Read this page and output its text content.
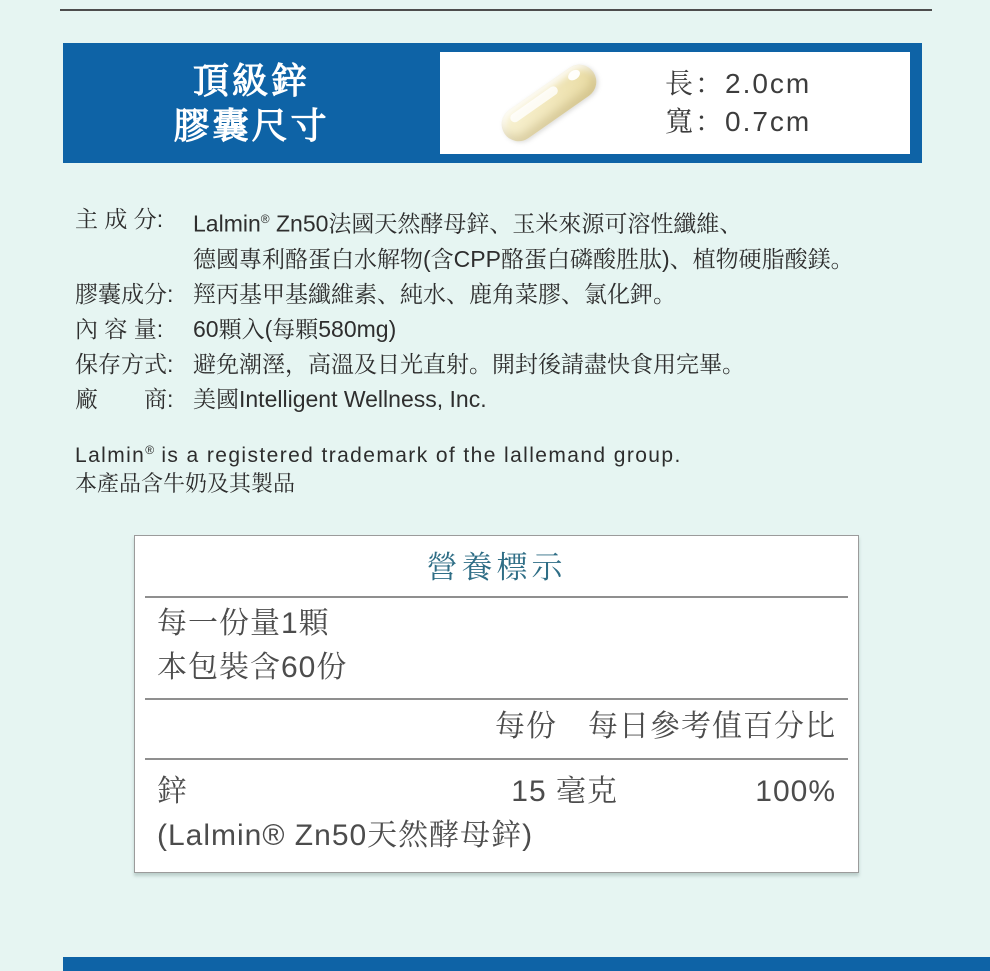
頂級鋅
膠囊尺寸
長：2.0cm
寬：0.7cm
主 成 分:	Lalmin® Zn50法國天然酵母鋅、玉米來源可溶性纖維、
德國專利酪蛋白水解物(含CPP酪蛋白磷酸胜肽)、植物硬脂酸鎂。
膠囊成分: 羥丙基甲基纖維素、純水、鹿角菜膠、氯化鉀。
內 容 量:	60顆入(每顆580mg)
保存方式: 避免潮溼，高溫及日光直射。開封後請盡快食用完畢。
廠　　商: 美國Intelligent Wellness, Inc.
Lalmin® is a registered trademark of the lallemand group.
本產品含牛奶及其製品
營養標示
每一份量1顆
本包裝含60份
每份　每日參考值百分比
鋅	15 毫克	100%
(Lalmin® Zn50天然酵母鋅)
